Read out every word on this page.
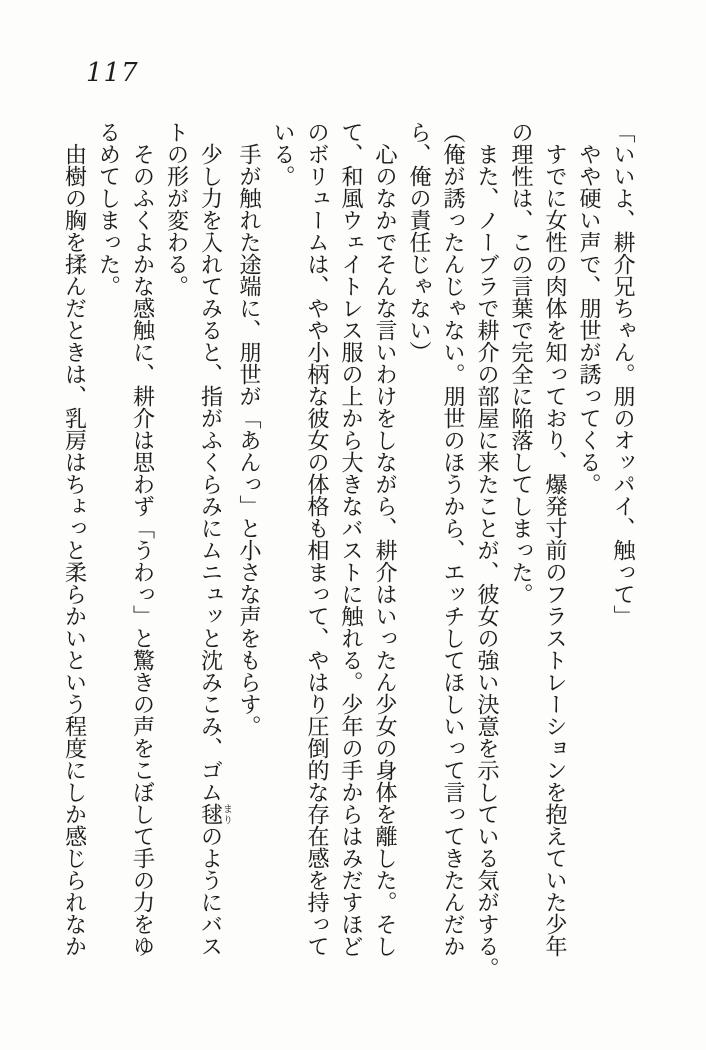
117

「いいよ、耕介兄ちゃん。朋のオッパイ、触って」

やや硬い声で、朋世が誘ってくる。

すでに女性の肉体を知っており、爆発寸前のフラストレーションを抱えていた少年

の理性は、この言葉で完全に陥落してしまった。

また、ノーブラで耕介の部屋に来たことが、彼女の強い決意を示している気がする。

（俺が誘ったんじゃない。朋世のほうから、エッチしてほしいって言ってきたんだか

ら、俺の責任じゃない）

心のなかでそんな言いわけをしながら、耕介はいったん少女の身体を離した。そし

て、和風ウェイトレス服の上から大きなバストに触れる。少年の手からはみだすほど

のボリュームは、やや小柄な彼女の体格も相まって、やはり圧倒的な存在感を持って

いる。

手が触れた途端に、朋世が「あんっ」と小さな声をもらす。

少し力を入れてみると、指がふくらみにムニュッと沈みこみ、ゴム毬まりのようにバス

トの形が変わる。

そのふくよかな感触に、耕介は思わず「うわっ」と驚きの声をこぼして手の力をゆ

るめてしまった。

由樹の胸を揉んだときは、乳房はちょっと柔らかいという程度にしか感じられなか
